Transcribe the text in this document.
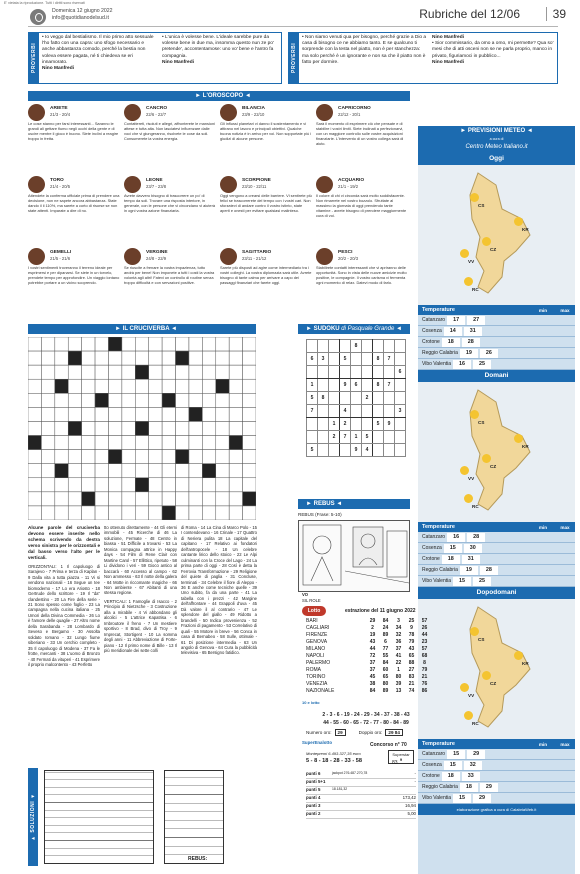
E' vietata la riproduzione. Tutti i diritti sono riservati
Domenica 12 giugno 2022
info@quotidianodelsud.it	Rubriche del 12/06	39
PROVERBI
• Io veggo dal bestialismo. Il mio primo atto sessuale l'ho fatto con una capra: uno sfogo necessario e anche abbastanza comodo, perché la bestia non voleva essere pagata, né ti chiedeva se eri innamorato.
Nino Manfredi
• L'unica è volesse bene. L'ideale sarebbe pure da volesse bene in due ma, insomma questo nun ze po' pretende', accontentamose: uno vo' bene e l'antro fa compagnia.
Nino Manfredi	PROVERBI
• Non siamo venuti qua per bisogno, perché grazie a Dio a casa di bisogno ce ne abbiamo tanto. E se qualcuno ti sorprende con la testa nel piatto, non è per stanchezza: ma solo perché è un ignorante e non sa che il piatto non è fatto per dormire.
Nino Manfredi
• Sior commissario, da omo a omo, mi permette? Qua so' mesi che di atti osceni non se ne parla proprio, manco in privato, figuriamoci in pubblico...
Nino Manfredi
► L'OROSCOPO ◄
ARIETE
21/3 - 20/4
Le cose stanno per farsi interessanti... Saranno le grandi ali gettare fiumo negli occhi della gente e di uscire mentre il gioco è buono. Siete inclini a reagire troppo in fretta.
CANCRO
22/6 - 22/7
Contattereti, risoluti e allegri, affronterete le mansioni attese e tutta alta. Non lasciatevi influenzare dalle voci che vi giungeranno, risolvete le cose da soli. Consumerete la vostra energia.
BILANCIA
23/9 - 22/10
Gli influssi planetari vi danno il sostentamento e vi attirano nel lavoro e principali obiettivi. Qualche buona notizia è in arrivo per voi. Non sopportate più i giudizi di alcune persone.
CAPRICORNO
22/12 - 20/1
Sarà il momento di esprimere ciò che pensate e di stabilire i vostri limiti. Siete inclinati a perfezionarvi, con un maggiore controllo sulle vostre acquisizioni finanziarie. L'intervento di un vostro collega sarà di aiuto.
TORO
21/4 - 20/5
Attendete la conferma ufficiale prima di prendere una decisione, non ne sapete ancora abbastanza. State dando il il 110%, ma sarete a corto di risorse se non state attenti. Imparate a dire di no.
LEONE
23/7 - 23/8
Avrete davvero bisogno di trascorrere un po' di tempo da soli. Trovare una risposta interiore, in generale, con le persone che vi circondano vi aiuterà in ogni vostra azione finanziaria.
SCORPIONE
23/10 - 22/11
Oggi vengono a crearsi delle barriere. Vi sentirete più felici se trascorrerete del tempo con i vostri cari. Non sforzatevi di andare contro il vostro istinto, state aperti e onesti per evitare qualsiasi malinteso.
ACQUARIO
21/1 - 19/2
Il colore di chi vi circonda sarà molto soddisfacente. Non rimarrete nel vostro bozzolo. Sfruttate al massimo la giornata di oggi prendendo tante vitamine - avrete bisogno di prendere maggiormente cura di voi.
GEMELLI
21/5 - 21/6
I vostri sentimenti troveranno il terreno ideale per esprimersi e per dipanarsi. Se siete in un torvelo, prendete tempo per approfondire. Un viaggio lontano potrebbe portare a un vicino scoprendo.
VERGINE
24/8 - 22/9
Se riuscite a frenare la vostra impazienza, tutto andrà per bene! Non imponete a tutti i costi la vostra volontà agli altri! Fatevi un controllo di routine senza troppo difficoltà e con servazioni positive.
SAGITTARIO
23/11 - 21/12
Sarete più disposti ad agire come intermediario tra i vostri colleghi. La vostra diplomazia sarà utile. Avrete bisogno di tante calma per arrivare a capo dei passaggi finanziari che farete oggi.
PESCI
20/2 - 20/3
Stabilirete contatti interessanti che vi apriranno delle opportunità. Sono in vista delle nuove amicizie molto positive, le compagnie. Il vostro carisma vi fermenta ogni momento di relax. Datevi modo di farlo.
► PREVISIONI METEO ◄
a cura di
Centro Meteo Italiano.it
Oggi
CS
KR
CZ
VV
RC
Temperature	min	max
Catanzaro	17	27
Cosenza	14	31
Crotone	18	28
Reggio Calabria	19	26
Vibo Valentia	16	25
Domani
CS
KR
CZ
VV
RC
Temperature	min	max
Catanzaro	16	28
Cosenza	15	30
Crotone	18	31
Reggio Calabria	19	28
Vibo Valentia	15	25
Dopodomani
CS
KR
CZ
VV
RC
Temperature	min	max
Catanzaro	15	29
Cosenza	15	32
Crotone	18	33
Reggio Calabria	18	29
Vibo Valentia	15	29
elaborazione grafica a cura di CalabriaWeb.it
► IL CRUCIVERBA ◄
Alcune parole del cruciverba devono essere inserite nello schema scrivendo da destra verso sinistra per le orizzontali e dal basso verso l'alto per le verticali.
ORIZZONTALI: 1 Il capoluogo di Sarajevo - 7 Prima e terza di Kaplan - 9 Dalla vita a tutta piazza - 11 Vi si vendono nazionali - 16 Segue un tee biomoderno - 17 Lo era Ariosto - 18 Gertrude dello scrittore - 19 Il "da" clandestino - 20 La Fire della serie - 21 Sono spesso come foglio - 23 La campagna nella cucina italiana - 25 Umori della Divina Commedia - 26 Lo è l'amore delle quaglie - 27 Altro nome della Sarabanda - 28 Lombardo di Seveso e Bergamo - 30 Assolta soldato romano - 32 Lungo fiume siberiano - 33 Un cerchio completo - 35 Il capoluogo di Modena - 37 Fa le frotte, mercanti - 38 L'uomo di Bronzo - 40 Fermati da vituperi - 41 Esprimere il proprio malcontento - 43 Perfetto
tto ottenuto direttamente - 44 Gli eterni immobili - 45 Ricerche di 46 La soluzione, Fermate - 48 Centro in biassa - 51 Difficile a trovarsi - 53 La Monica compagna attrice in Happy days - 54 Film di Rene Clair con Martine Carol - 57 Ellittico, ripetuto - 58 Li dividono i veri - 59 Gioco antico al baccarà - 60 Accesso al campo - 62 Non ammesso - 63 Il notte della galera - 64 Motte in riccomante magiche - 66 Non ambiente - 67 Abitanti di una stessa regione.
VERTICALI: 1 Famoglie di Isacco - 2 Principio di Nietzsche - 3 Costruzione alla a mirabile - 4 Vi abbondano gli alcolici - 5 L'attrice Kapatrisa - 6 Imbroutore il freno - 7 Un mestiere sportivo - 8 Brad, divo di Troy - 9 Imprecat, Stortigent - 10 La somma degli anni - 11 Abbreviazione di Forte-piano - 12 Il primo nome di Bille - 13 Il più meridionale dei sette colli
di Roma - 14 La Cina di Marco Polo - 15 I contendevano - 16 Crinale - 17 Quattro di Neriera pulita 18 La capitale del capitano - 17 Relativo ai fondatori dell'antropocele - 18 Un celebre cantante lirico dello stoico - 22 Le Alpi culminanti con la Croce del Lago - 24 La prima parte di oggi - 28 Così è detta la Ferrovia Transformazione - 29 Religione del quiete di paglia - 31 Concluse, terminati - 34 Celebre il fiore di Aleppo - 36 E anche come tecniche quelle - 39 Uno subito, fa da una parte - 41 La tabella con i prezzi - 42 Margine dell'affrontare - 44 Grappoli d'uva - 45 Dà valore il al contrario - 47 Le splendore del giallo - 49 Ridotto a brandelli - 50 Indica provenienza - 52 Frazioni di pagamento - 53 Correlativo di quali - 55 Motore in breve - 56 Conca in casa di Bernabeo - 58 Sulle, ottimale - 61 Di posizione intermedia - 63 Un angolo di Genova - 64 Cura la pubblicità televisiva - 65 Bersigno fatidico.
► SOLUZIONI ◄
REBUS:
► SUDOKU
di Pasquale Grande ◄
				8				
6	3		5			8	7	
								6
1			9	6		8	7	
5	8				2			
7			4					3
		1	2			5	9	
		2	7	1	5			
5				9	4			
► REBUS ◄
REBUS (Frase: 5-10)
VO
SIL ROLE
Lotto	estrazione del 11 giugno 2022
BARI	29	84	3	25	57
CAGLIARI	2	24	34	9	26
FIRENZE	19	89	32	78	44
GENOVA	43	6	36	79	23
MILANO	44	77	37	43	57
NAPOLI	72	55	41	65	68
PALERMO	37	84	22	88	8
ROMA	37	60	1	27	79
TORINO	45	65	80	83	21
VENEZIA	38	80	39	21	76
NAZIONALE	84	89	13	74	86
10 e lotto
2 - 3 - 6 - 19 - 24 - 29 - 34 - 37 - 38 - 43
44 - 55 - 60 - 65 - 72 - 77 - 80 - 84 - 89
Numero oro:	29	Doppio oro:	29 84
SuperEnalotto	Concorso n° 70
Montepremi 6.493.327,35 euro
5 - 8 - 18 - 28 - 33 - 58
Superstar
9
83
punti 6	jackpot 276.487.270,78	-
punti 5+1	-
punti 5	18.181,32
punti 4	173,42
punti 3	16,94
punti 2	5,00
